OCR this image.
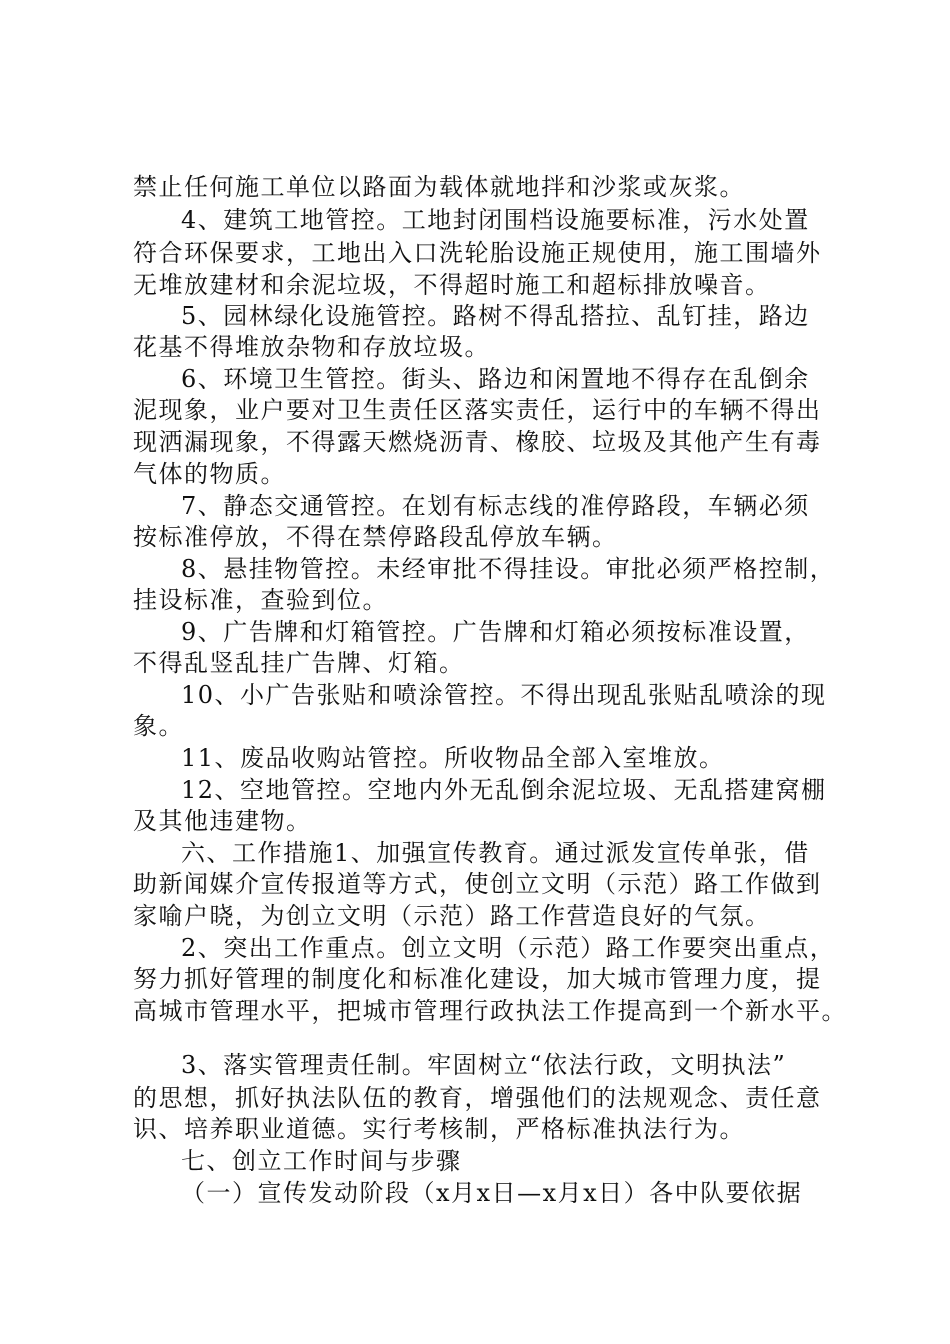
禁止任何施工单位以路面为载体就地拌和沙浆或灰浆。
4、建筑工地管控。工地封闭围档设施要标准，污水处置
符合环保要求，工地出入口洗轮胎设施正规使用，施工围墙外
无堆放建材和余泥垃圾，不得超时施工和超标排放噪音。
5、园林绿化设施管控。路树不得乱搭拉、乱钉挂，路边
花基不得堆放杂物和存放垃圾。
6、环境卫生管控。街头、路边和闲置地不得存在乱倒余
泥现象，业户要对卫生责任区落实责任，运行中的车辆不得出
现洒漏现象，不得露天燃烧沥青、橡胶、垃圾及其他产生有毒
气体的物质。
7、静态交通管控。在划有标志线的准停路段，车辆必须
按标准停放，不得在禁停路段乱停放车辆。
8、悬挂物管控。未经审批不得挂设。审批必须严格控制，
挂设标准，查验到位。
9、广告牌和灯箱管控。广告牌和灯箱必须按标准设置，
不得乱竖乱挂广告牌、灯箱。
10、小广告张贴和喷涂管控。不得出现乱张贴乱喷涂的现
象。
11、废品收购站管控。所收物品全部入室堆放。
12、空地管控。空地内外无乱倒余泥垃圾、无乱搭建窝棚
及其他违建物。
六、工作措施1、加强宣传教育。通过派发宣传单张，借
助新闻媒介宣传报道等方式，使创立文明（示范）路工作做到
家喻户晓，为创立文明（示范）路工作营造良好的气氛。
2、突出工作重点。创立文明（示范）路工作要突出重点，
努力抓好管理的制度化和标准化建设，加大城市管理力度，提
高城市管理水平，把城市管理行政执法工作提高到一个新水平。
3、落实管理责任制。牢固树立“依法行政，文明执法”
的思想，抓好执法队伍的教育，增强他们的法规观念、责任意
识、培养职业道德。实行考核制，严格标准执法行为。
七、创立工作时间与步骤
（一）宣传发动阶段（x月x日—x月x日）各中队要依据
